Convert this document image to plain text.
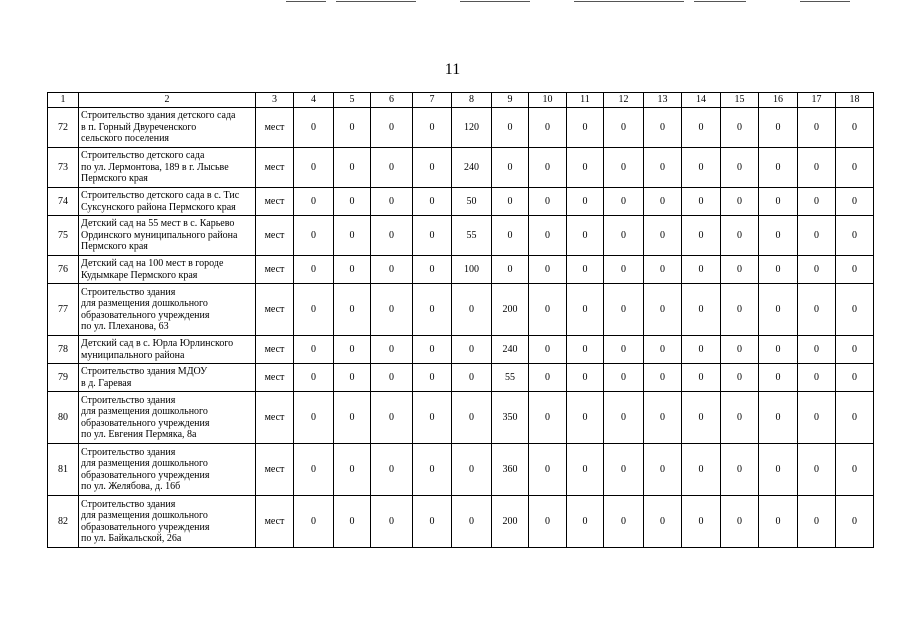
11
1	2	3	4	5	6	7	8	9	10	11	12	13	14	15	16	17	18
72	Строительство здания детского сада
в п. Горный Двуреченского
сельского поселения	мест	0	0	0	0	120	0	0	0	0	0	0	0	0	0	0
73	Строительство детского сада
по ул. Лермонтова, 189 в г. Лысьве
Пермского края	мест	0	0	0	0	240	0	0	0	0	0	0	0	0	0	0
74	Строительство детского сада в с. Тис
Суксунского района Пермского края	мест	0	0	0	0	50	0	0	0	0	0	0	0	0	0	0
75	Детский сад на 55 мест в с. Карьево
Ординского муниципального района
Пермского края	мест	0	0	0	0	55	0	0	0	0	0	0	0	0	0	0
76	Детский сад на 100 мест в городе
Кудымкаре Пермского края	мест	0	0	0	0	100	0	0	0	0	0	0	0	0	0	0
77	Строительство здания
для размещения дошкольного
образовательного учреждения
по ул. Плеханова, 63	мест	0	0	0	0	0	200	0	0	0	0	0	0	0	0	0
78	Детский сад в с. Юрла Юрлинского
муниципального района	мест	0	0	0	0	0	240	0	0	0	0	0	0	0	0	0
79	Строительство здания МДОУ
в д. Гаревая	мест	0	0	0	0	0	55	0	0	0	0	0	0	0	0	0
80	Строительство здания
для размещения дошкольного
образовательного учреждения
по ул. Евгения Пермяка, 8а	мест	0	0	0	0	0	350	0	0	0	0	0	0	0	0	0
81	Строительство здания
для размещения дошкольного
образовательного учреждения
по ул. Желябова, д. 16б	мест	0	0	0	0	0	360	0	0	0	0	0	0	0	0	0
82	Строительство здания
для размещения дошкольного
образовательного учреждения
по ул. Байкальской, 26а	мест	0	0	0	0	0	200	0	0	0	0	0	0	0	0	0
